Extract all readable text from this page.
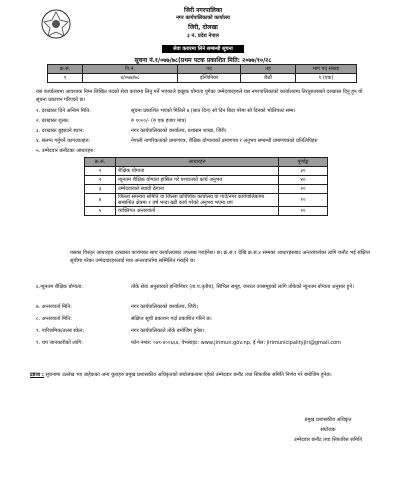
जिरी नगरपालिका
नगर कार्यपालिकाको कार्यालय
जिरी, दोलखा
३ नं. प्रदेश नेपाल
सेवा करारमा लिने सम्बन्धी सूचना
सूचना नं.१/०७७/७८(प्रथम पटक प्रकाशित मिति: २०७७/१०/२८
क्र.सं.	वि.नं.	पद	तह	माग पद संख्या
१	४/०७७/७८	इन्जिनियर	छैठौं	१ (एक)
यस कार्यालयमा आवश्यक निम्न लिखित पदको सेवा करारमा लिनु पर्ने भएकाले इच्छुक योग्यता पुगेका उम्मेदवारहरुले यस नगरपालिकाको कार्यालयमा तिरतुरुतसको दरखास्त दिनु हुन यो सूचना प्रकाशन गरिएको छ।
१. दरखास्त दिने अन्तिम मिति:	सूचना प्रकाशित भएको मितिले ७ (सात दिन) सो दिन बिदा परेमा सो दिनको भोलिपल्ट सम्म।
२. दरखास्त शुल्क:	रु १०००/- (रु एक हजार मात्र)
३. दरखास्त बुझाउने स्थान:	नगर कार्यपालिकाको कार्यालय, प्रशासन शाखा, जिरी।
४. संलग्न गर्नुपर्ने कागजातहरु:	नेपाली नागरिकताको प्रमाणपत्र, शैक्षिक योग्यताको प्रमाणपत्र र अनुभव सम्बन्धी प्रमाणपत्रको प्रतिलिपिहरु
५. उम्मेदवार छनौटका आधारहरु:
क्र.सं.	आधारहरु	पूर्णाङ्क
१	शैक्षिक योग्यता	३०
२	न्यूनतम शैक्षिक योग्यता हासिल गरे पश्चातको कार्य अनुभव	४०
३	उम्मेदवारको स्थायी ठेगाना	२०
४	जिल्ला समन्वय समिति वा जिल्ला प्राविधिक कार्यालय वा गाउँ/नगर कार्यपालिकामा सम्बन्धित क्षेत्रमा १ वर्ष भन्दा बढी कार्य गरेको अनुभव भएमा थप	१०
५	व्यक्तिगत अन्तरवार्ता	२०
यसका विस्तृत आधारहरु दरखास्त फारामका साथ कार्यालयबाट उपलब्ध गराईनेछ। छ। क्र.सं.१ देखि क्र.सं.४ सम्मका आधारहरुबाट अन्तरवार्ताका लागि छनौट भई संक्षिप्त सूचीमा परेका उम्मेदवारहरुलाई मात्र अन्तरवार्तामा सम्मिलित गराईने छ।
६.न्युनतम शैक्षिक योग्यता:	तोके सेवा अनुसारको इन्जिनियर (ता.प.तृतीय), सिभिल समूह, जनरल उपसमूहको लागि तोकेको न्युनतम योग्यता अनुसार हुने।
७. अन्तरवार्ता मिति:	नगर कार्यपालिकाको कार्यालय, जिरी।
८. अन्तरवार्ता मिति:	संक्षिप्त सूची प्रकाशन गर्दा प्रकाशित गरिने छ।
९. पारिश्रमिक/तलब स्केल:	नगर कार्यपालिकाले तोके बमोजिम हुनेछ।
९. थप जानकारीको लागि:	फोन नम्बर: ०४९-४००६६४, वेभसाइट: www.jirimun.gov.np, ई मेल: jirimunicipalityjiri@gmail.com
द्रष्टव्य : सूचनामा उल्लेख भए बाहेकका अन्य कुराहरु प्रमुख प्रशासकीय अधिकृतको संयोजकत्वमा रहेको उम्मेदवार छनौट तथा सिफारिस समिति निर्णय गरे बमोजिम हुनेछ।
प्रमुख प्रशासकीय अधिकृत
संयोजक
उम्मेदवार छनौट तथा सिफारिस समिति
